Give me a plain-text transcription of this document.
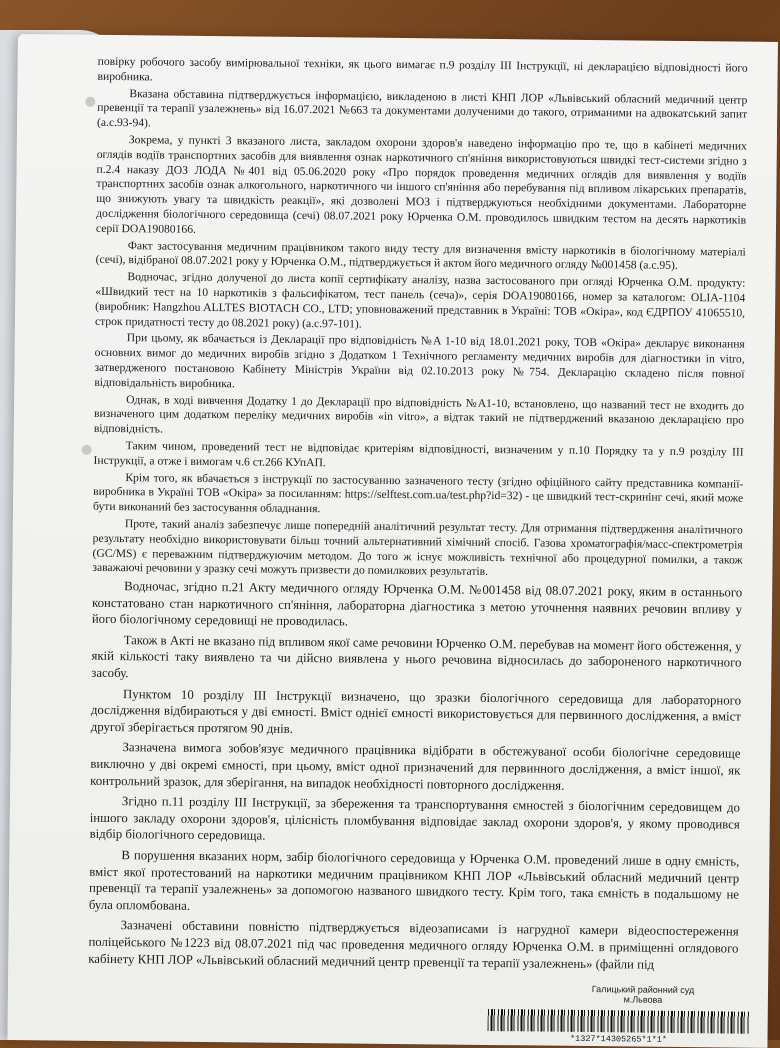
повірку робочого засобу вимірювальної техніки, як цього вимагає п.9 розділу III Інструкції, ні декларацією відповідності його виробника.

Вказана обставина підтверджується інформацією, викладеною в листі КНП ЛОР «Львівський обласний медичний центр превенції та терапії узалежнень» від 16.07.2021 №663 та документами долученими до такого, отриманими на адвокатський запит (а.с.93-94).

Зокрема, у пункті 3 вказаного листа, закладом охорони здоров'я наведено інформацію про те, що в кабінеті медичних оглядів водіїв транспортних засобів для виявлення ознак наркотичного сп'яніння використовуються швидкі тест-системи згідно з п.2.4 наказу ДОЗ ЛОДА №401 від 05.06.2020 року «Про порядок проведення медичних оглядів для виявлення у водіїв транспортних засобів ознак алкогольного, наркотичного чи іншого сп'яніння або перебування під впливом лікарських препаратів, що знижують увагу та швидкість реакції», які дозволені МОЗ і підтверджуються необхідними документами. Лабораторне дослідження біологічного середовища (сечі) 08.07.2021 року Юрченка О.М. проводилось швидким тестом на десять наркотиків серії DOA19080166.

Факт застосування медичним працівником такого виду тесту для визначення вмісту наркотиків в біологічному матеріалі (сечі), відібраної 08.07.2021 року у Юрченка О.М., підтверджується й актом його медичного огляду №001458 (а.с.95).

Водночас, згідно долученої до листа копії сертифікату аналізу, назва застосованого при огляді Юрченка О.М. продукту: «Швидкий тест на 10 наркотиків з фальсифікатом, тест панель (сеча)», серія DOA19080166, номер за каталогом: OLIA-1104 (виробник: Hangzhou ALLTES BIOTACH CO., LTD; уповноважений представник в Україні: ТОВ «Окіра», код ЄДРПОУ 41065510, строк придатності тесту до 08.2021 року) (а.с.97-101).

При цьому, як вбачається із Декларації про відповідність №A 1-10 від 18.01.2021 року, ТОВ «Окіра» декларує виконання основних вимог до медичних виробів згідно з Додатком 1 Технічного регламенту медичних виробів для діагностики in vitro, затвердженого постановою Кабінету Міністрів України від 02.10.2013 року №754. Декларацію складено після повної відповідальність виробника.

Однак, в ході вивчення Додатку 1 до Декларації про відповідність №A1-10, встановлено, що названий тест не входить до визначеного цим додатком переліку медичних виробів «in vitro», а відтак такий не підтверджений вказаною декларацією про відповідність.

Таким чином, проведений тест не відповідає критеріям відповідності, визначеним у п.10 Порядку та у п.9 розділу III Інструкції, а отже і вимогам ч.6 ст.266 КУпАП.

Крім того, як вбачається з інструкції по застосуванню зазначеного тесту (згідно офіційного сайту представника компанії-виробника в Україні ТОВ «Окіра» за посиланням: https://selftest.com.ua/test.php?id=32) - це швидкий тест-скринінг сечі, який може бути виконаний без застосування обладнання.

Проте, такий аналіз забезпечує лише попередній аналітичний результат тесту. Для отримання підтвердження аналітичного результату необхідно використовувати більш точний альтернативний хімічний спосіб. Газова хроматографія/масс-спектрометрія (GC/MS) є переважним підтверджуючим методом. До того ж існує можливість технічної або процедурної помилки, а також заважаючі речовини у зразку сечі можуть призвести до помилкових результатів.

Водночас, згідно п.21 Акту медичного огляду Юрченка О.М. №001458 від 08.07.2021 року, яким в останнього констатовано стан наркотичного сп'яніння, лабораторна діагностика з метою уточнення наявних речовин впливу у його біологічному середовищі не проводилась.

Також в Акті не вказано під впливом якої саме речовини Юрченко О.М. перебував на момент його обстеження, у якій кількості таку виявлено та чи дійсно виявлена у нього речовина відносилась до забороненого наркотичного засобу.

Пунктом 10 розділу III Інструкції визначено, що зразки біологічного середовища для лабораторного дослідження відбираються у дві ємності. Вміст однієї ємності використовується для первинного дослідження, а вміст другої зберігається протягом 90 днів.

Зазначена вимога зобов'язує медичного працівника відібрати в обстежуваної особи біологічне середовище виключно у дві окремі ємності, при цьому, вміст одної призначений для первинного дослідження, а вміст іншої, як контрольний зразок, для зберігання, на випадок необхідності повторного дослідження.

Згідно п.11 розділу III Інструкції, за збереження та транспортування ємностей з біологічним середовищем до іншого закладу охорони здоров'я, цілісність пломбування відповідає заклад охорони здоров'я, у якому проводився відбір біологічного середовища.

В порушення вказаних норм, забір біологічного середовища у Юрченка О.М. проведений лише в одну ємність, вміст якої протестований на наркотики медичним працівником КНП ЛОР «Львівський обласний медичний центр превенції та терапії узалежнень» за допомогою названого швидкого тесту. Крім того, така ємність в подальшому не була опломбована.

Зазначені обставини повністю підтверджується відеозаписами із нагрудної камери відеоспостереження поліцейського №1223 від 08.07.2021 під час проведення медичного огляду Юрченка О.М. в приміщенні оглядового кабінету КНП ЛОР «Львівський обласний медичний центр превенції та терапії узалежнень» (файли під

Галицький районний суд
м.Львова
*1327*14305265*1*1*
